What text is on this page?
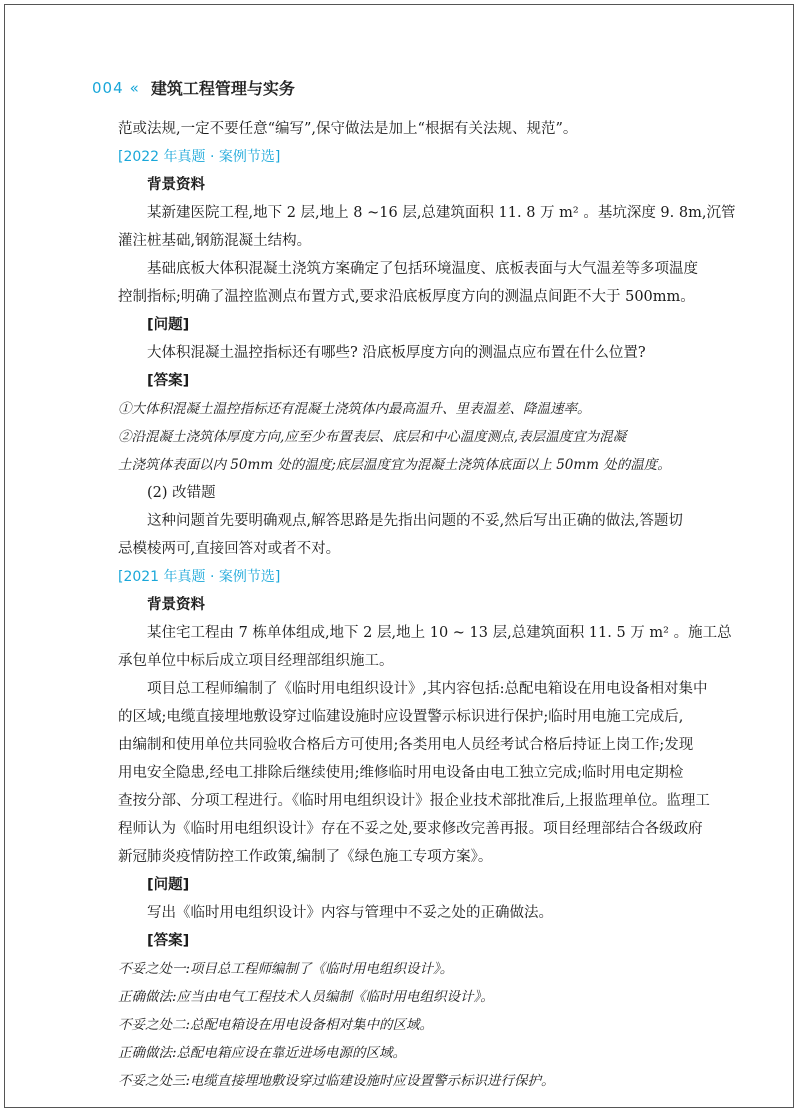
004 « 建筑工程管理与实务
范或法规,一定不要任意“编写”,保守做法是加上“根据有关法规、规范”。
[2022 年真题 · 案例节选]
背景资料
某新建医院工程,地下 2 层,地上 8 ~16 层,总建筑面积 11. 8 万 m² 。基坑深度 9. 8m,沉管
灌注桩基础,钢筋混凝土结构。
基础底板大体积混凝土浇筑方案确定了包括环境温度、底板表面与大气温差等多项温度
控制指标;明确了温控监测点布置方式,要求沿底板厚度方向的测温点间距不大于 500mm。
[问题]
大体积混凝土温控指标还有哪些? 沿底板厚度方向的测温点应布置在什么位置?
[答案]
①大体积混凝土温控指标还有混凝土浇筑体内最高温升、里表温差、降温速率。
②沿混凝土浇筑体厚度方向,应至少布置表层、底层和中心温度测点,表层温度宜为混凝
土浇筑体表面以内 50mm 处的温度;底层温度宜为混凝土浇筑体底面以上 50mm 处的温度。
(2) 改错题
这种问题首先要明确观点,解答思路是先指出问题的不妥,然后写出正确的做法,答题切
忌模棱两可,直接回答对或者不对。
[2021 年真题 · 案例节选]
背景资料
某住宅工程由 7 栋单体组成,地下 2 层,地上 10 ~ 13 层,总建筑面积 11. 5 万 m² 。施工总
承包单位中标后成立项目经理部组织施工。
项目总工程师编制了《临时用电组织设计》,其内容包括:总配电箱设在用电设备相对集中
的区域;电缆直接埋地敷设穿过临建设施时应设置警示标识进行保护;临时用电施工完成后,
由编制和使用单位共同验收合格后方可使用;各类用电人员经考试合格后持证上岗工作;发现
用电安全隐患,经电工排除后继续使用;维修临时用电设备由电工独立完成;临时用电定期检
查按分部、分项工程进行。《临时用电组织设计》报企业技术部批准后,上报监理单位。监理工
程师认为《临时用电组织设计》存在不妥之处,要求修改完善再报。项目经理部结合各级政府
新冠肺炎疫情防控工作政策,编制了《绿色施工专项方案》。
[问题]
写出《临时用电组织设计》内容与管理中不妥之处的正确做法。
[答案]
不妥之处一:项目总工程师编制了《临时用电组织设计》。
正确做法:应当由电气工程技术人员编制《临时用电组织设计》。
不妥之处二:总配电箱设在用电设备相对集中的区域。
正确做法:总配电箱应设在靠近进场电源的区域。
不妥之处三:电缆直接埋地敷设穿过临建设施时应设置警示标识进行保护。
